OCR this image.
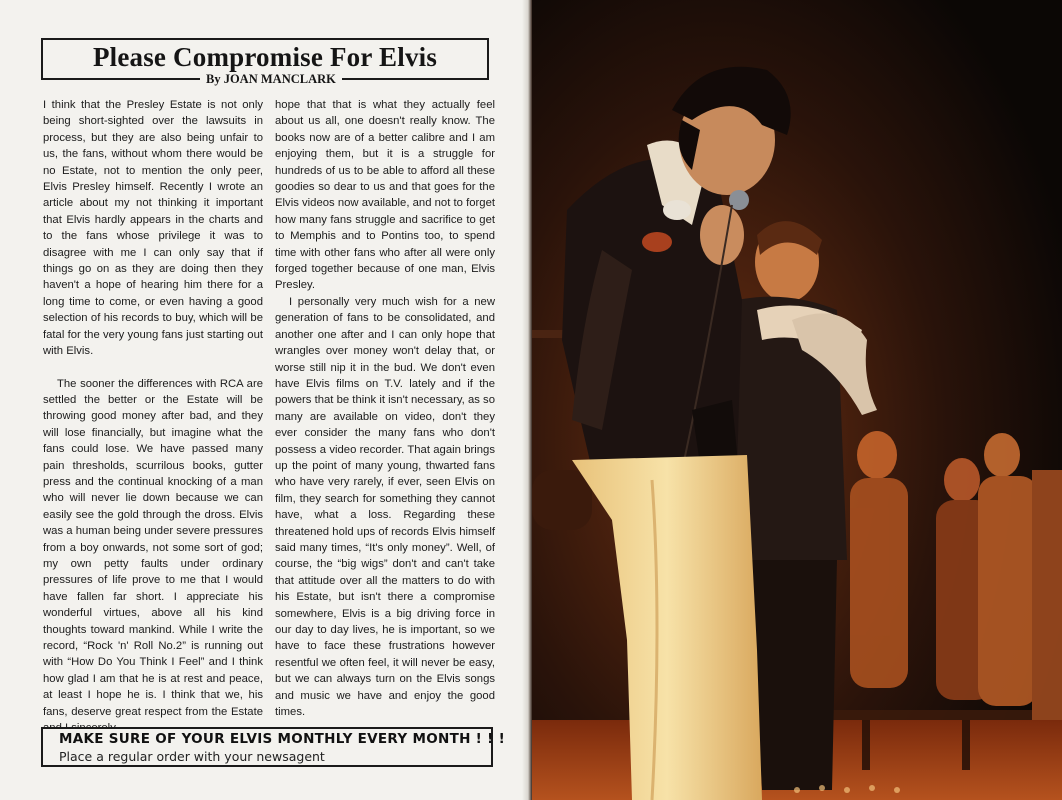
Please Compromise For Elvis
By JOAN MANCLARK

I think that the Presley Estate is not only being short-sighted over the lawsuits in process, but they are also being unfair to us, the fans, without whom there would be no Estate, not to mention the only peer, Elvis Presley himself. Recently I wrote an article about my not thinking it important that Elvis hardly appears in the charts and to the fans whose privilege it was to disagree with me I can only say that if things go on as they are doing then they haven't a hope of hearing him there for a long time to come, or even having a good selection of his records to buy, which will be fatal for the very young fans just starting out with Elvis.

The sooner the differences with RCA are settled the better or the Estate will be throwing good money after bad, and they will lose financially, but imagine what the fans could lose. We have passed many pain thresholds, scurrilous books, gutter press and the continual knocking of a man who will never lie down because we can easily see the gold through the dross. Elvis was a human being under severe pressures from a boy onwards, not some sort of god; my own petty faults under ordinary pressures of life prove to me that I would have fallen far short. I appreciate his wonderful virtues, above all his kind thoughts toward mankind. While I write the record, “Rock 'n' Roll No.2” is running out with “How Do You Think I Feel” and I think how glad I am that he is at rest and peace, at least I hope he is. I think that we, his fans, deserve great respect from the Estate

hope that that is what they actually feel about us all, one doesn't really know. The books now are of a better calibre and I am enjoying them, but it is a struggle for hundreds of us to be able to afford all these goodies so dear to us and that goes for the Elvis videos now available, and not to forget how many fans struggle and sacrifice to get to Memphis and to Pontins too, to spend time with other fans who after all were only forged together because of one man, Elvis Presley.

I personally very much wish for a new generation of fans to be consolidated, and another one after and I can only hope that wrangles over money won't delay that, or worse still nip it in the bud. We don't even have Elvis films on T.V. lately and if the powers that be think it isn't necessary, as so many are available on video, don't they ever consider the many fans who don't possess a video recorder. That again brings up the point of many young, thwarted fans who have very rarely, if ever, seen Elvis on film, they search for something they cannot have, what a loss. Regarding these threatened hold ups of records Elvis himself said many times, “It's only money”. Well, of course, the “big wigs” don't and can't take that attitude over all the matters to do with his Estate, but isn't there a compromise somewhere, Elvis is a big driving force in our day to day lives, he is important, so we have to face these frustrations however resentful we often feel, it will never be easy, but we can always turn on the Elvis songs and music we have and enjoy the good times.

MAKE SURE OF YOUR ELVIS MONTHLY EVERY MONTH ! ! !
Place a regular order with your newsagent
